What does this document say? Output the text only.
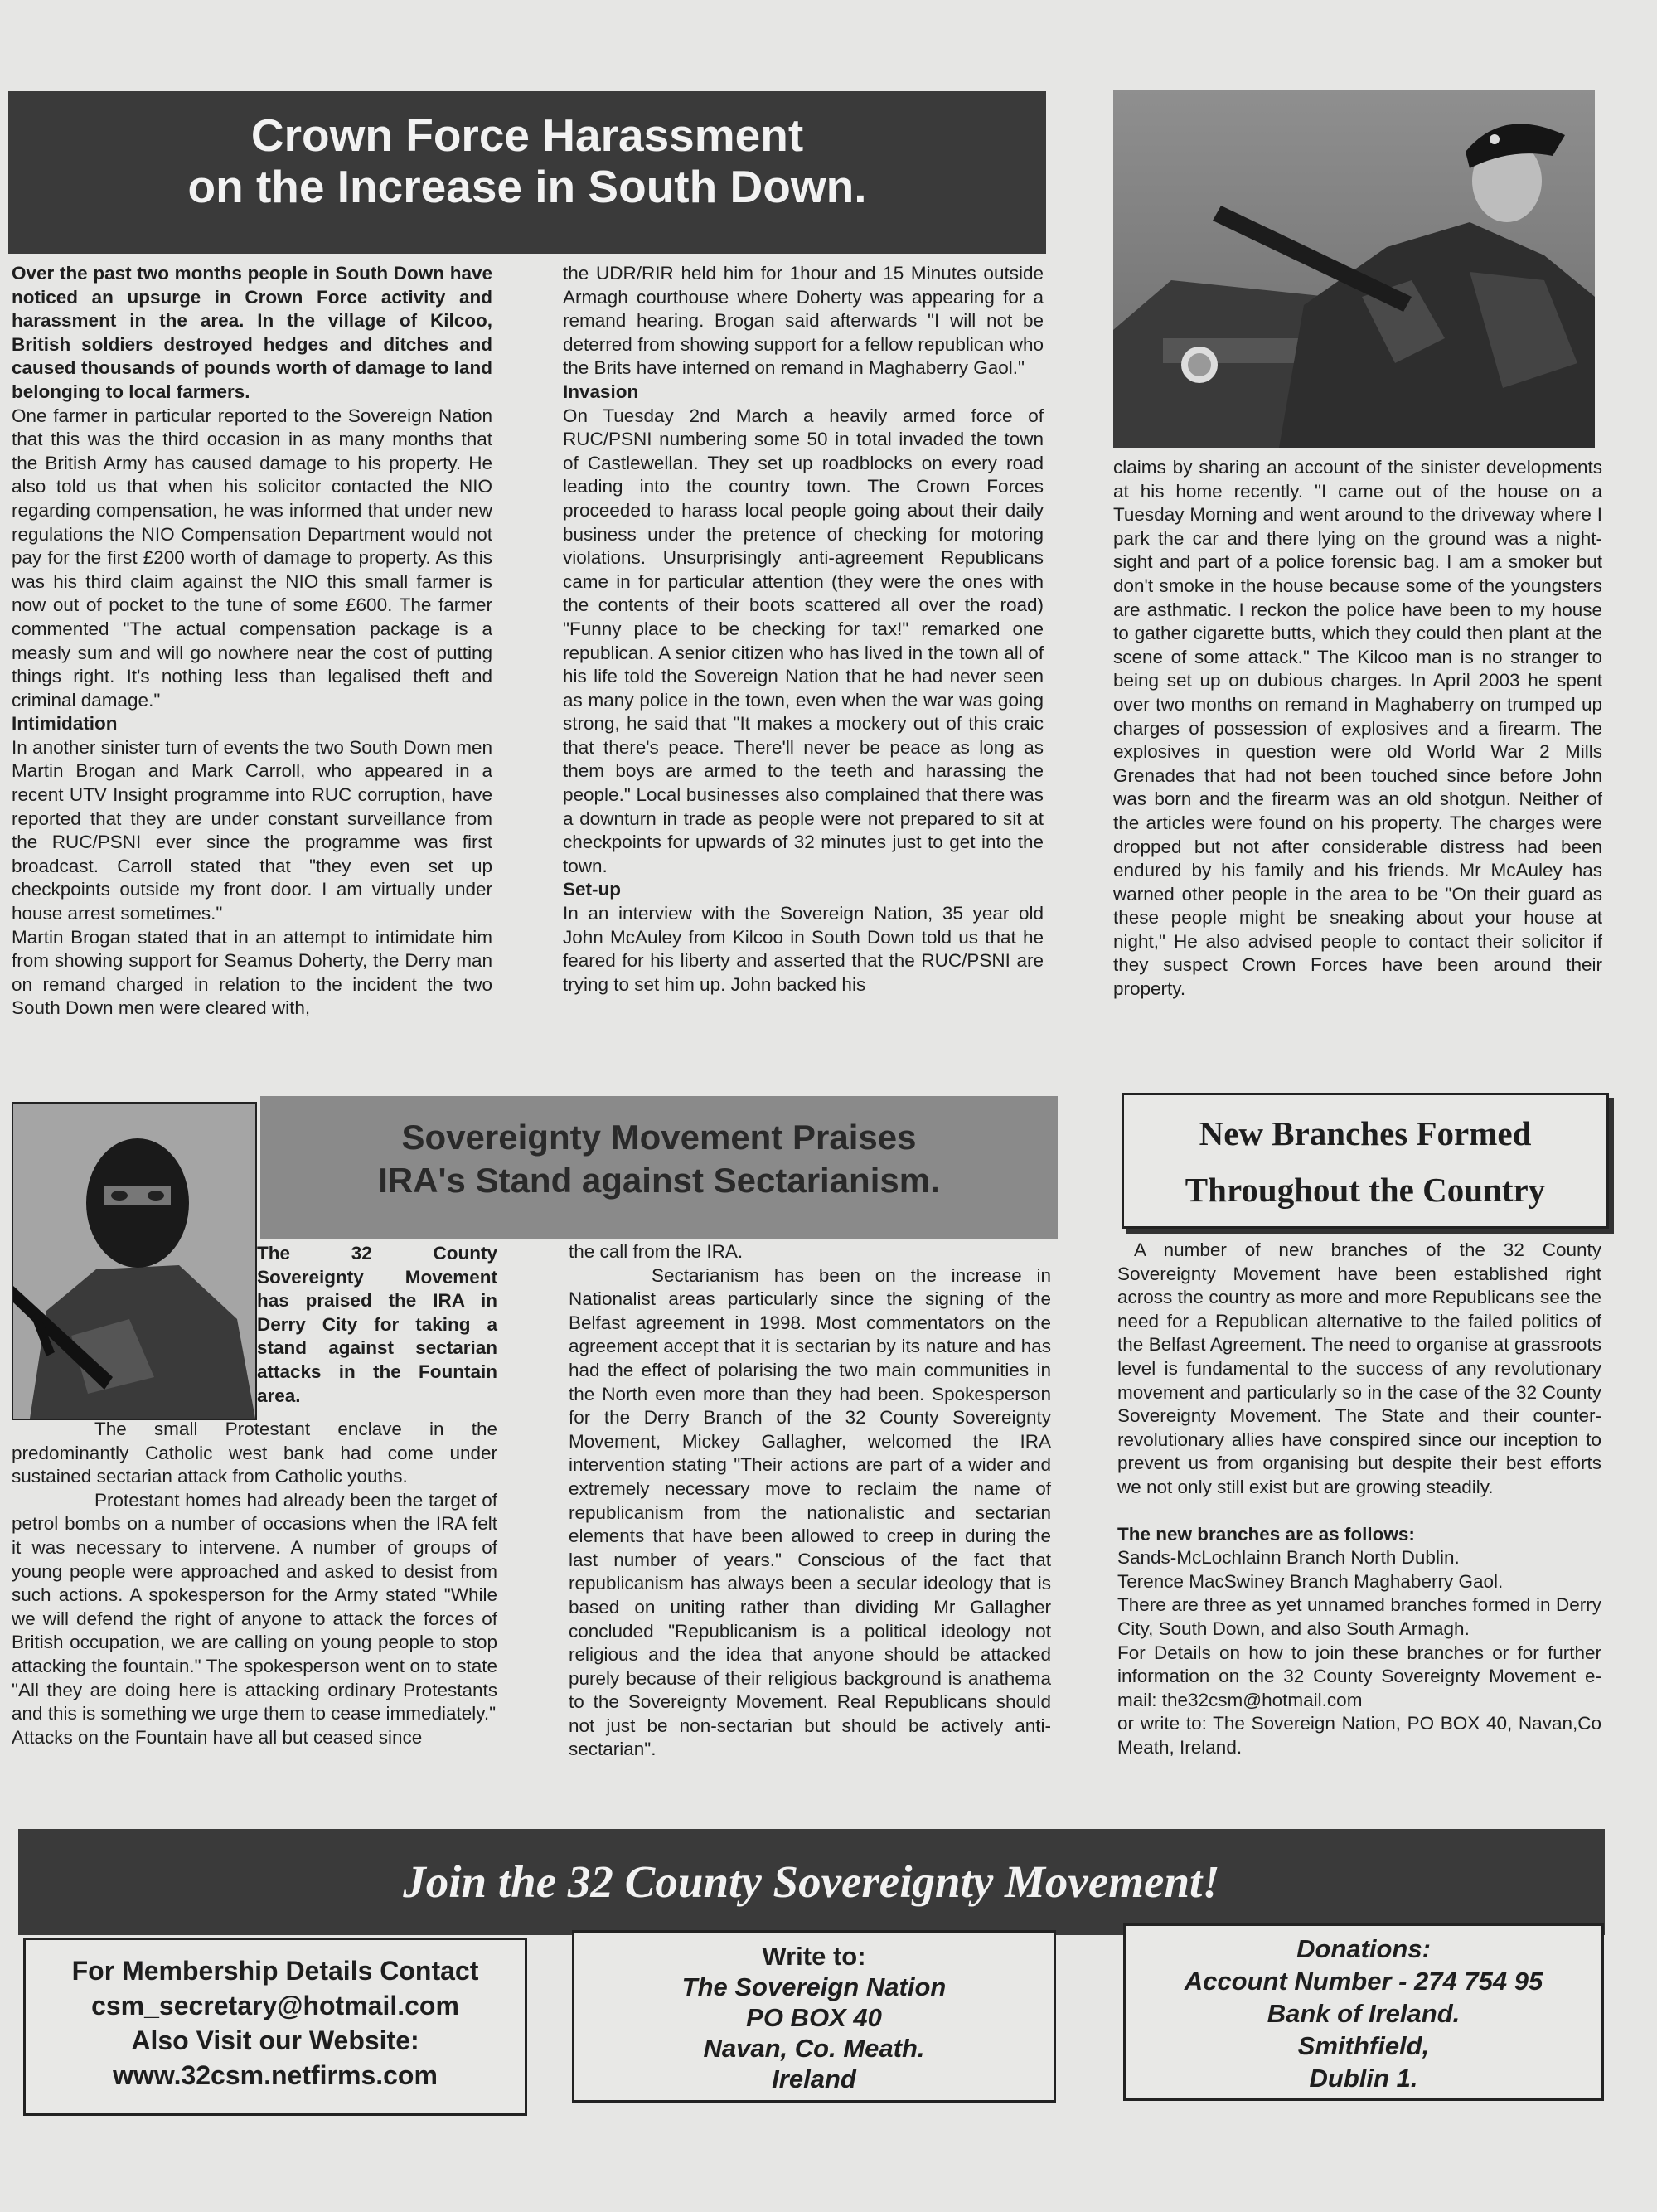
Crown Force Harassment
on the Increase in South Down.

Over the past two months people in South Down have noticed an upsurge in Crown Force activity and harassment in the area. In the village of Kilcoo, British soldiers destroyed hedges and ditches and caused thousands of pounds worth of damage to land belonging to local farmers.

One farmer in particular reported to the Sovereign Nation that this was the third occasion in as many months that the British Army has caused damage to his property. He also told us that when his solicitor contacted the NIO regarding compensation, he was informed that under new regulations the NIO Compensation Department would not pay for the first £200 worth of damage to property. As this was his third claim against the NIO this small farmer is now out of pocket to the tune of some £600. The farmer commented "The actual compensation package is a measly sum and will go nowhere near the cost of putting things right. It's nothing less than legalised theft and criminal damage."

Intimidation

In another sinister turn of events the two South Down men Martin Brogan and Mark Carroll, who appeared in a recent UTV Insight programme into RUC corruption, have reported that they are under constant surveillance from the RUC/PSNI ever since the programme was first broadcast. Carroll stated that "they even set up checkpoints outside my front door. I am virtually under house arrest sometimes."

Martin Brogan stated that in an attempt to intimidate him from showing support for Seamus Doherty, the Derry man on remand charged in relation to the incident the two South Down men were cleared with,

the UDR/RIR held him for 1hour and 15 Minutes outside Armagh courthouse where Doherty was appearing for a remand hearing. Brogan said afterwards "I will not be deterred from showing support for a fellow republican who the Brits have interned on remand in Maghaberry Gaol."

Invasion

On Tuesday 2nd March a heavily armed force of RUC/PSNI numbering some 50 in total invaded the town of Castlewellan. They set up roadblocks on every road leading into the country town. The Crown Forces proceeded to harass local people going about their daily business under the pretence of checking for motoring violations. Unsurprisingly anti-agreement Republicans came in for particular attention (they were the ones with the contents of their boots scattered all over the road) "Funny place to be checking for tax!" remarked one republican. A senior citizen who has lived in the town all of his life told the Sovereign Nation that he had never seen as many police in the town, even when the war was going strong, he said that "It makes a mockery out of this craic that there's peace. There'll never be peace as long as them boys are armed to the teeth and harassing the people." Local businesses also complained that there was a downturn in trade as people were not prepared to sit at checkpoints for upwards of 32 minutes just to get into the town.

Set-up

In an interview with the Sovereign Nation, 35 year old John McAuley from Kilcoo in South Down told us that he feared for his liberty and asserted that the RUC/PSNI are trying to set him up. John backed his

claims by sharing an account of the sinister developments at his home recently. "I came out of the house on a Tuesday Morning and went around to the driveway where I park the car and there lying on the ground was a night-sight and part of a police forensic bag. I am a smoker but don't smoke in the house because some of the youngsters are asthmatic. I reckon the police have been to my house to gather cigarette butts, which they could then plant at the scene of some attack." The Kilcoo man is no stranger to being set up on dubious charges. In April 2003 he spent over two months on remand in Maghaberry on trumped up charges of possession of explosives and a firearm. The explosives in question were old World War 2 Mills Grenades that had not been touched since before John was born and the firearm was an old shotgun. Neither of the articles were found on his property. The charges were dropped but not after considerable distress had been endured by his family and his friends. Mr McAuley has warned other people in the area to be "On their guard as these people might be sneaking about your house at night," He also advised people to contact their solicitor if they suspect Crown Forces have been around their property.

Sovereignty Movement Praises
IRA's Stand against Sectarianism.

The 32 County Sovereignty Movement has praised the IRA in Derry City for taking a stand against sectarian attacks in the Fountain area.

The small Protestant enclave in the predominantly Catholic west bank had come under sustained sectarian attack from Catholic youths.

Protestant homes had already been the target of petrol bombs on a number of occasions when the IRA felt it was necessary to intervene. A number of groups of young people were approached and asked to desist from such actions. A spokesperson for the Army stated "While we will defend the right of anyone to attack the forces of British occupation, we are calling on young people to stop attacking the fountain." The spokesperson went on to state "All they are doing here is attacking ordinary Protestants and this is something we urge them to cease immediately."

Attacks on the Fountain have all but ceased since

the call from the IRA.

Sectarianism has been on the increase in Nationalist areas particularly since the signing of the Belfast agreement in 1998. Most commentators on the agreement accept that it is sectarian by its nature and has had the effect of polarising the two main communities in the North even more than they had been. Spokesperson for the Derry Branch of the 32 County Sovereignty Movement, Mickey Gallagher, welcomed the IRA intervention stating "Their actions are part of a wider and extremely necessary move to reclaim the name of republicanism from the nationalistic and sectarian elements that have been allowed to creep in during the last number of years." Conscious of the fact that republicanism has always been a secular ideology that is based on uniting rather than dividing Mr Gallagher concluded "Republicanism is a political ideology not religious and the idea that anyone should be attacked purely because of their religious background is anathema to the Sovereignty Movement. Real Republicans should not just be non-sectarian but should be actively anti-sectarian".

New Branches Formed
Throughout the Country

A number of new branches of the 32 County Sovereignty Movement have been established right across the country as more and more Republicans see the need for a Republican alternative to the failed politics of the Belfast Agreement. The need to organise at grassroots level is fundamental to the success of any revolutionary movement and particularly so in the case of the 32 County Sovereignty Movement. The State and their counter-revolutionary allies have conspired since our inception to prevent us from organising but despite their best efforts we not only still exist but are growing steadily.

The new branches are as follows:

Sands-McLochlainn Branch North Dublin.

Terence MacSwiney Branch Maghaberry Gaol.

There are three as yet unnamed branches formed in Derry City, South Down, and also South Armagh.

For Details on how to join these branches or for further information on the 32 County Sovereignty Movement e-mail: the32csm@hotmail.com

or write to: The Sovereign Nation, PO BOX 40, Navan,Co Meath, Ireland.

Join the 32 County Sovereignty Movement!
For Membership Details Contact
csm_secretary@hotmail.com
Also Visit our Website:
www.32csm.netfirms.com
Write to:
The Sovereign Nation
PO BOX 40
Navan, Co. Meath.
Ireland
Donations:
Account Number - 274 754 95
Bank of Ireland.
Smithfield,
Dublin 1.
